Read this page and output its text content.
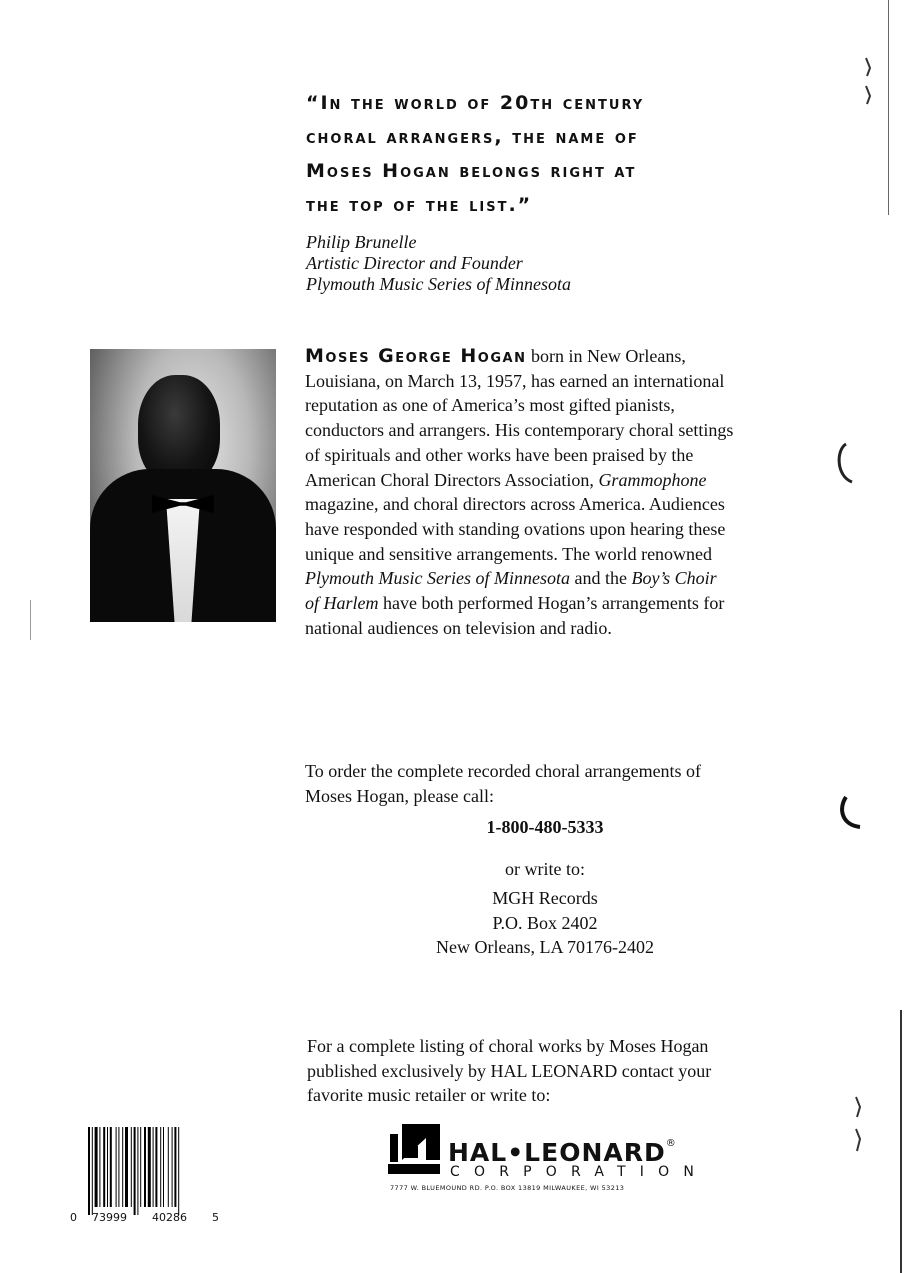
“In the world of 20th century
choral arrangers, the name of
Moses Hogan belongs right at
the top of the list.”
Philip Brunelle
Artistic Director and Founder
Plymouth Music Series of Minnesota
Moses George Hogan born in New Orleans,
Louisiana, on March 13, 1957, has earned an international
reputation as one of America’s most gifted pianists,
conductors and arrangers. His contemporary choral settings
of spirituals and other works have been praised by the
American Choral Directors Association, Grammophone
magazine, and choral directors across America. Audiences
have responded with standing ovations upon hearing these
unique and sensitive arrangements. The world renowned
Plymouth Music Series of Minnesota and the Boy’s Choir
of Harlem have both performed Hogan’s arrangements for
national audiences on television and radio.
To order the complete recorded choral arrangements of
Moses Hogan, please call:
1-800-480-5333
or write to:
MGH Records
P.O. Box 2402
New Orleans, LA 70176-2402
For a complete listing of choral works by Moses Hogan
published exclusively by HAL LEONARD contact your
favorite music retailer or write to:
HAL•LEONARD®
CORPORATION
7777 W. BLUEMOUND RD. P.O. BOX 13819 MILWAUKEE, WI 53213
0 73999 40286 5
